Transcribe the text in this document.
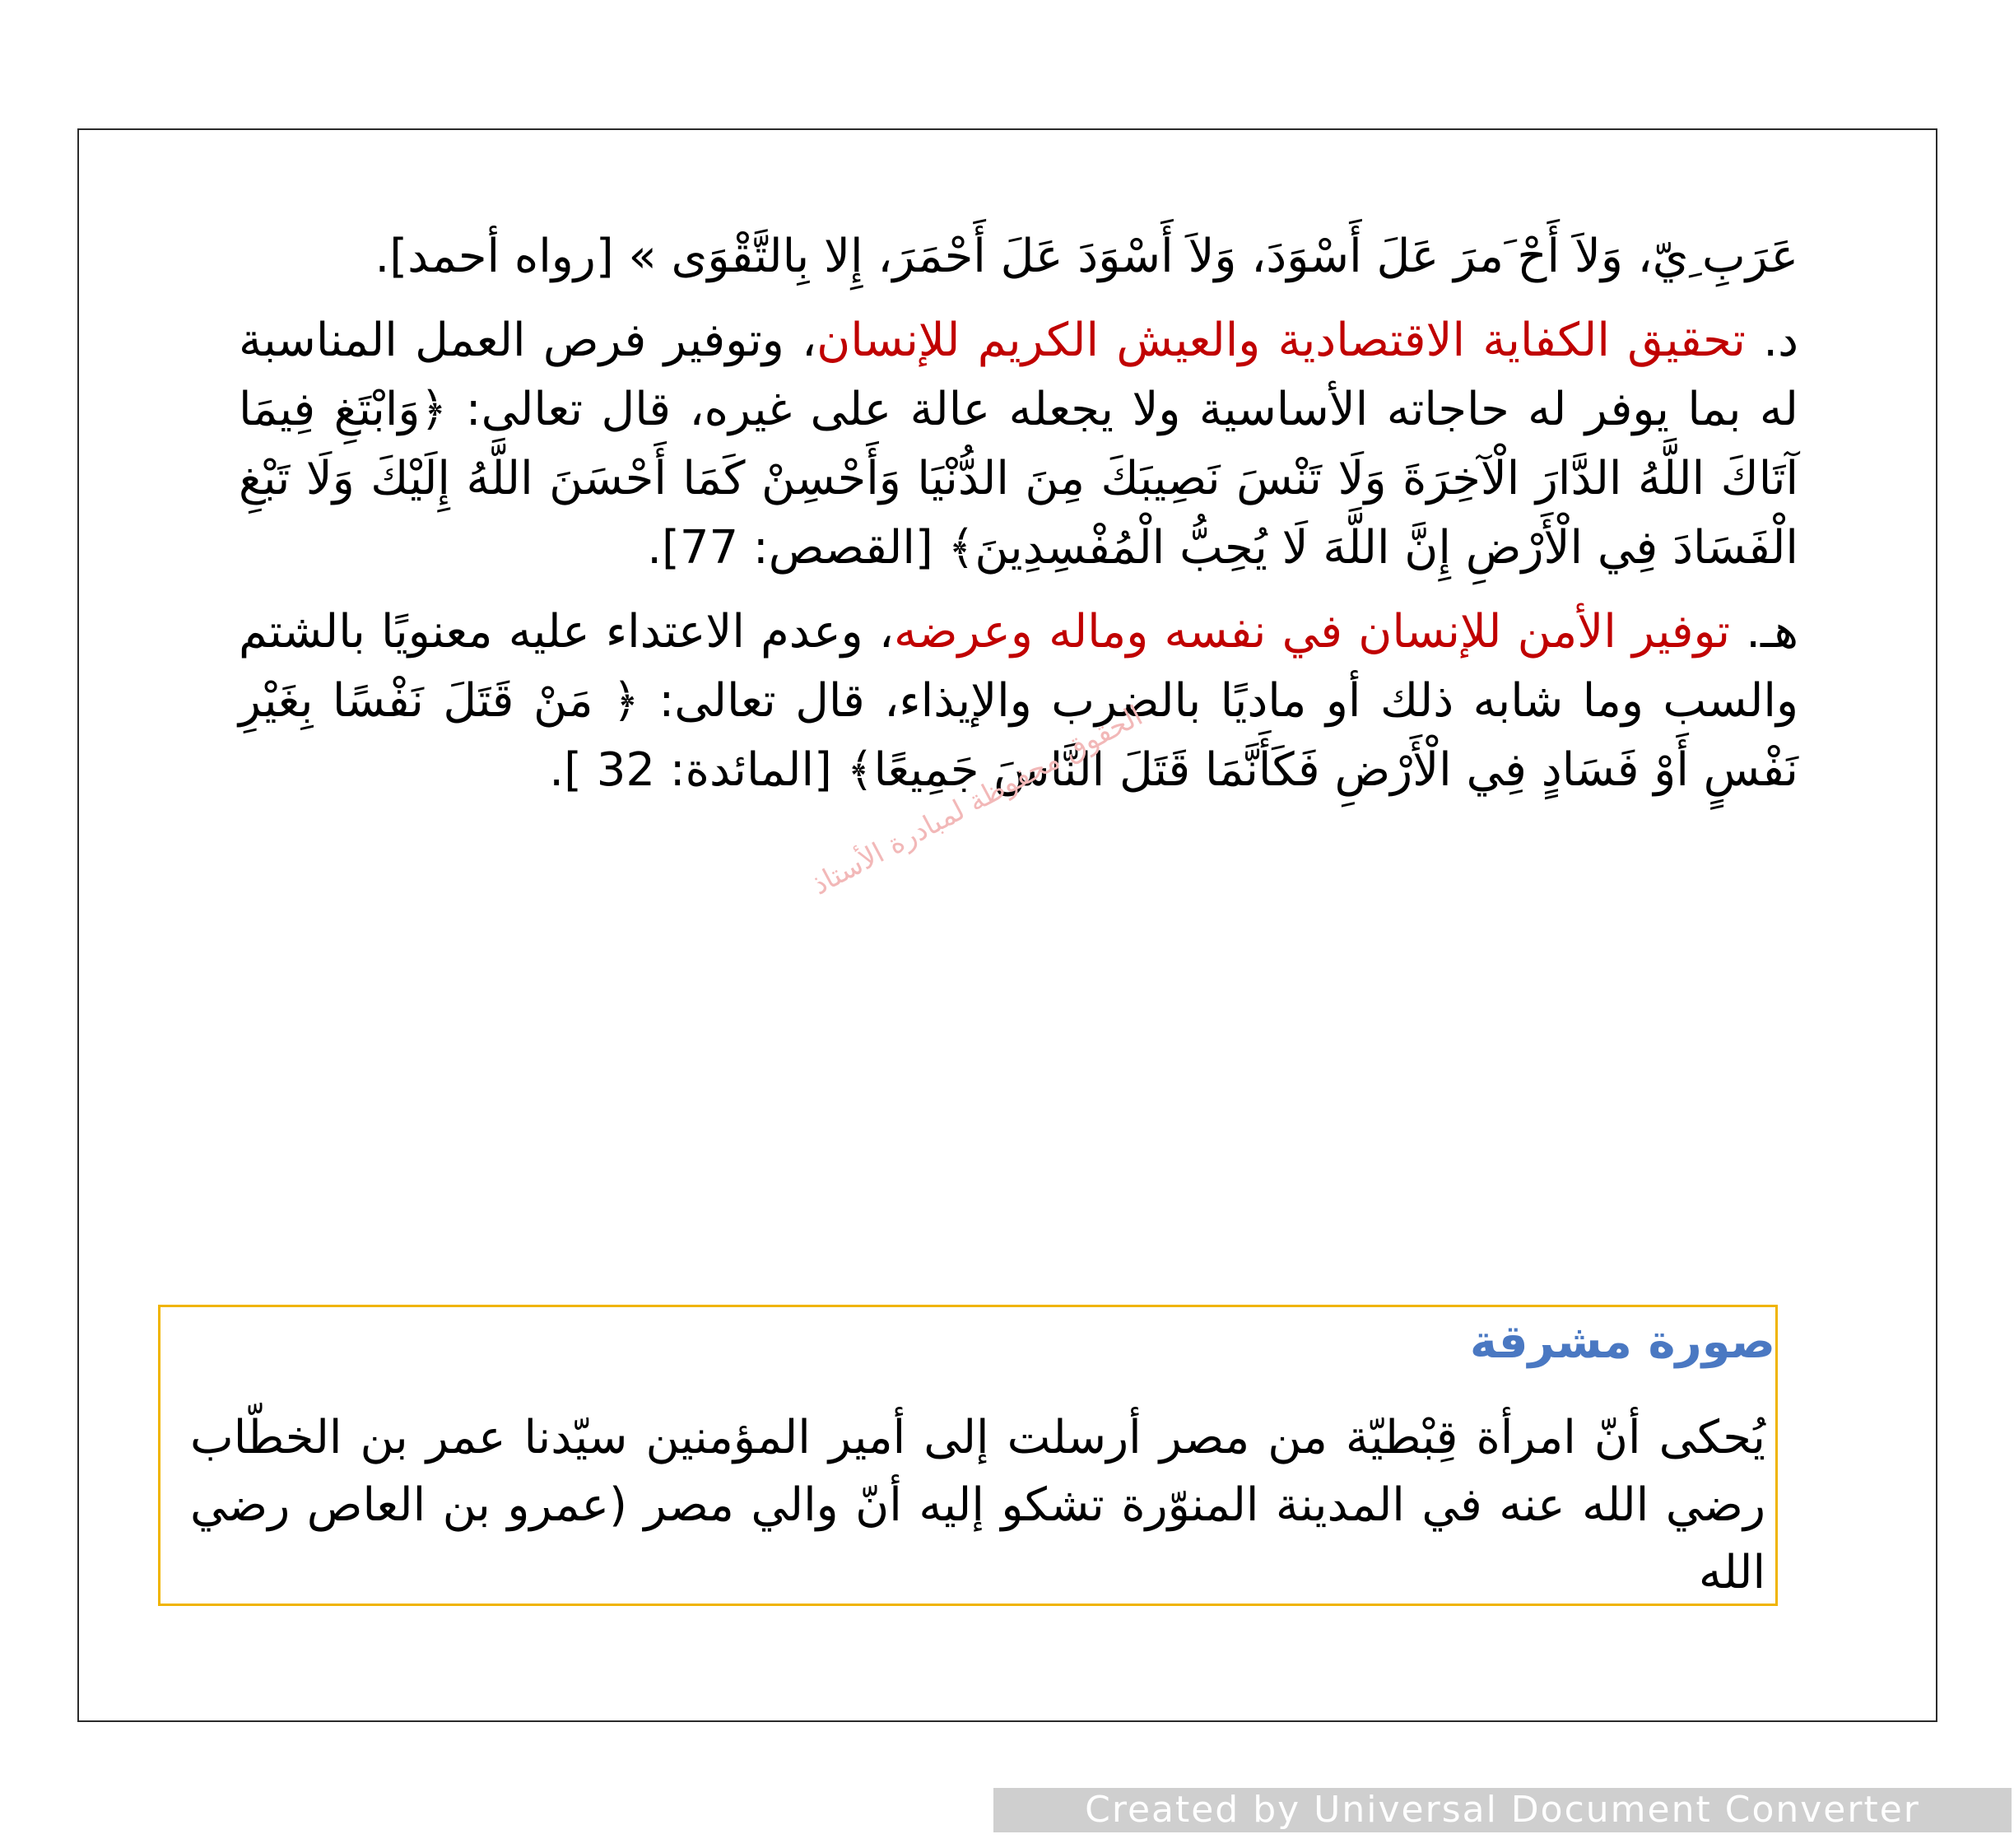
عَرَبِ ِيّ، وَلاَ أَحْ َمرَ عَلَ أَسْوَدَ، وَلاَ أَسْوَدَ عَلَ أَحْمَرَ، إِلا بِالتَّقْوَى » [رواه أحمد].

د. تحقيق الكفاية الاقتصادية والعيش الكريم للإنسان، وتوفير فرص العمل المناسبة له بما يوفر له حاجاته الأساسية ولا يجعله عالة على غيره، قال تعالى: ﴿وَابْتَغِ فِيمَا آتَاكَ اللَّهُ الدَّارَ الْآخِرَةَ وَلَا تَنْسَ نَصِيبَكَ مِنَ الدُّنْيَا وَأَحْسِنْ كَمَا أَحْسَنَ اللَّهُ إِلَيْكَ وَلَا تَبْغِ الْفَسَادَ فِي الْأَرْضِ إِنَّ اللَّهَ لَا يُحِبُّ الْمُفْسِدِينَ﴾ [القصص: 77].

هـ. توفير الأمن للإنسان في نفسه وماله وعرضه، وعدم الاعتداء عليه معنويًا بالشتم والسب وما شابه ذلك أو ماديًا بالضرب والإيذاء، قال تعالى: ﴿ مَنْ قَتَلَ نَفْسًا بِغَيْرِ نَفْسٍ أَوْ فَسَادٍ فِي الْأَرْضِ فَكَأَنَّمَا قَتَلَ النَّاسَ جَمِيعًا﴾ [المائدة: 32 ].

الحقوق محفوظة لمبادرة الأستاذ

صورة مشرقة

يُحكى أنّ امرأة قِبْطيّة من مصر أرسلت إلى أمير المؤمنين سيّدنا عمر بن الخطّاب رضي الله عنه في المدينة المنوّرة تشكو إليه أنّ والي مصر (عمرو بن العاص رضي الله

Created by Universal Document Converter
